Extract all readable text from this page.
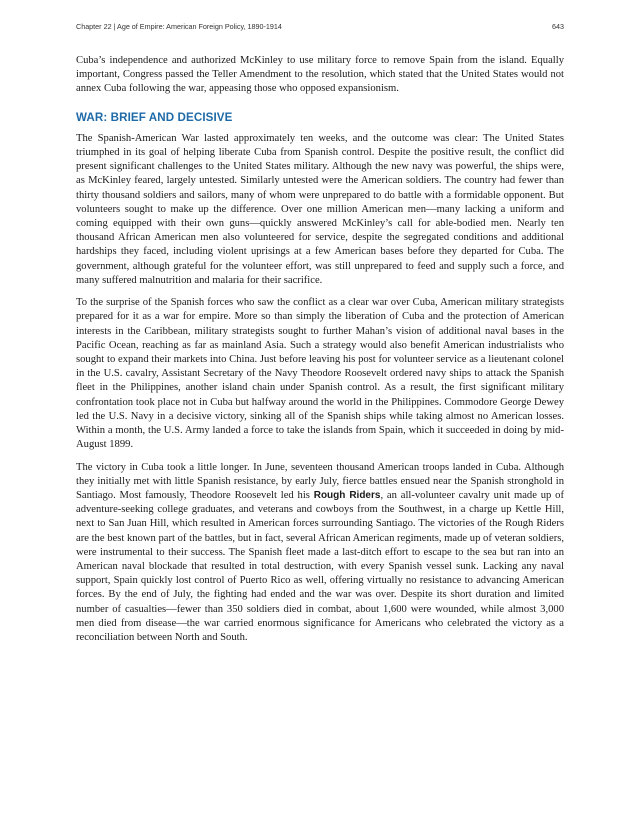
Chapter 22 | Age of Empire: American Foreign Policy, 1890-1914	643

Cuba’s independence and authorized McKinley to use military force to remove Spain from the island. Equally important, Congress passed the Teller Amendment to the resolution, which stated that the United States would not annex Cuba following the war, appeasing those who opposed expansionism.

WAR: BRIEF AND DECISIVE

The Spanish-American War lasted approximately ten weeks, and the outcome was clear: The United States triumphed in its goal of helping liberate Cuba from Spanish control. Despite the positive result, the conflict did present significant challenges to the United States military. Although the new navy was powerful, the ships were, as McKinley feared, largely untested. Similarly untested were the American soldiers. The country had fewer than thirty thousand soldiers and sailors, many of whom were unprepared to do battle with a formidable opponent. But volunteers sought to make up the difference. Over one million American men—many lacking a uniform and coming equipped with their own guns—quickly answered McKinley’s call for able-bodied men. Nearly ten thousand African American men also volunteered for service, despite the segregated conditions and additional hardships they faced, including violent uprisings at a few American bases before they departed for Cuba. The government, although grateful for the volunteer effort, was still unprepared to feed and supply such a force, and many suffered malnutrition and malaria for their sacrifice.

To the surprise of the Spanish forces who saw the conflict as a clear war over Cuba, American military strategists prepared for it as a war for empire. More so than simply the liberation of Cuba and the protection of American interests in the Caribbean, military strategists sought to further Mahan’s vision of additional naval bases in the Pacific Ocean, reaching as far as mainland Asia. Such a strategy would also benefit American industrialists who sought to expand their markets into China. Just before leaving his post for volunteer service as a lieutenant colonel in the U.S. cavalry, Assistant Secretary of the Navy Theodore Roosevelt ordered navy ships to attack the Spanish fleet in the Philippines, another island chain under Spanish control. As a result, the first significant military confrontation took place not in Cuba but halfway around the world in the Philippines. Commodore George Dewey led the U.S. Navy in a decisive victory, sinking all of the Spanish ships while taking almost no American losses. Within a month, the U.S. Army landed a force to take the islands from Spain, which it succeeded in doing by mid-August 1899.

The victory in Cuba took a little longer. In June, seventeen thousand American troops landed in Cuba. Although they initially met with little Spanish resistance, by early July, fierce battles ensued near the Spanish stronghold in Santiago. Most famously, Theodore Roosevelt led his Rough Riders, an all-volunteer cavalry unit made up of adventure-seeking college graduates, and veterans and cowboys from the Southwest, in a charge up Kettle Hill, next to San Juan Hill, which resulted in American forces surrounding Santiago. The victories of the Rough Riders are the best known part of the battles, but in fact, several African American regiments, made up of veteran soldiers, were instrumental to their success. The Spanish fleet made a last-ditch effort to escape to the sea but ran into an American naval blockade that resulted in total destruction, with every Spanish vessel sunk. Lacking any naval support, Spain quickly lost control of Puerto Rico as well, offering virtually no resistance to advancing American forces. By the end of July, the fighting had ended and the war was over. Despite its short duration and limited number of casualties—fewer than 350 soldiers died in combat, about 1,600 were wounded, while almost 3,000 men died from disease—the war carried enormous significance for Americans who celebrated the victory as a reconciliation between North and South.
